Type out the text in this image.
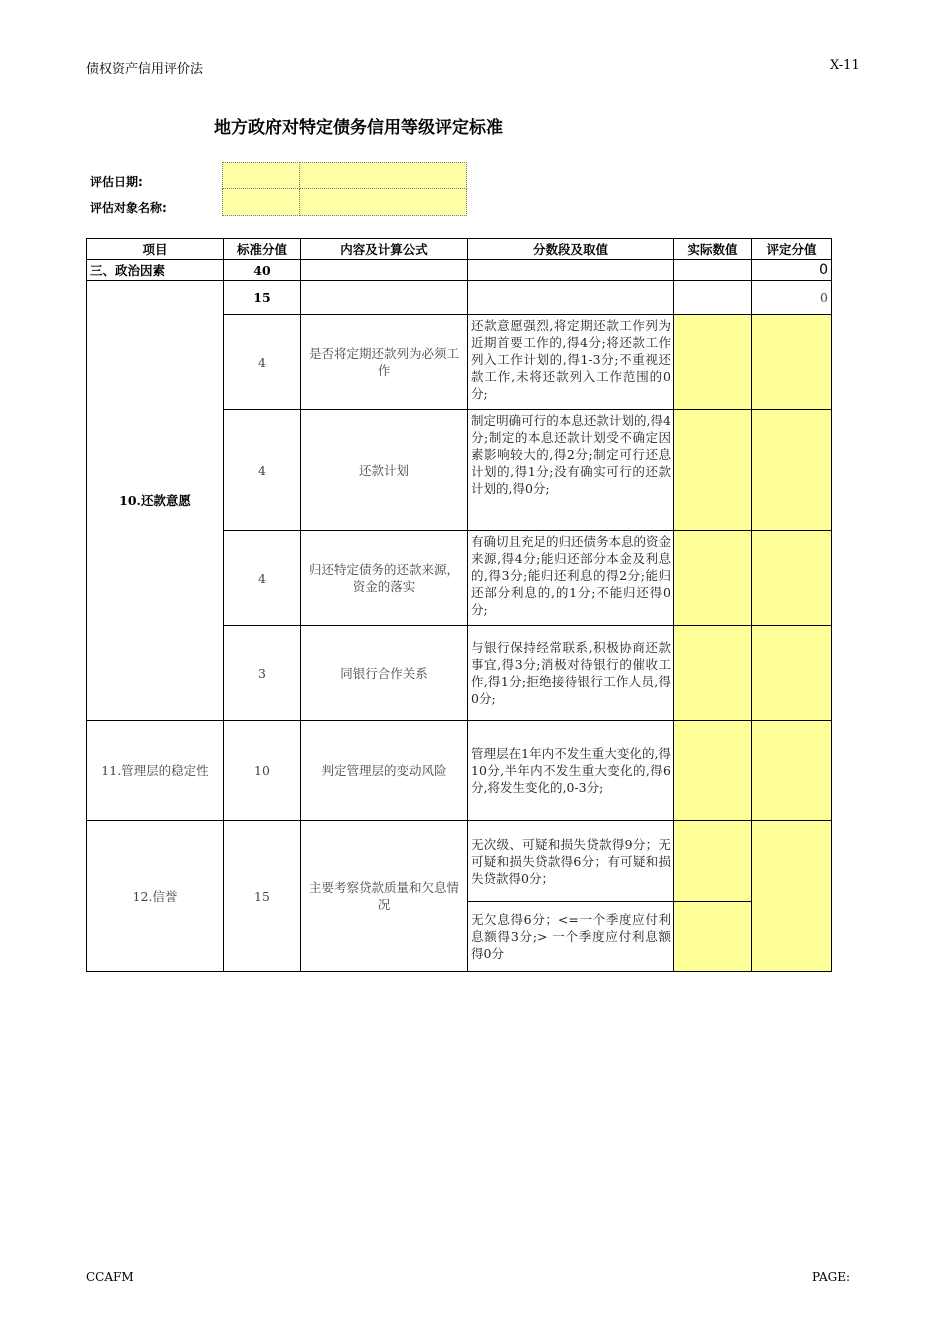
债权资产信用评价法	X-11
地方政府对特定债务信用等级评定标准
评估日期:
评估对象名称:
项目	标准分值	内容及计算公式	分数段及取值	实际数值	评定分值
三、政治因素	40				0
10.还款意愿	15				0
	4	是否将定期还款列为必须工作	还款意愿强烈,将定期还款工作列为近期首要工作的,得4分;将还款工作列入工作计划的,得1-3分;不重视还款工作,未将还款列入工作范围的0分;		
	4	还款计划	制定明确可行的本息还款计划的,得4分;制定的本息还款计划受不确定因素影响较大的,得2分;制定可行还息计划的,得1分;没有确实可行的还款计划的,得0分;		
	4	归还特定债务的还款来源，资金的落实	有确切且充足的归还债务本息的资金来源,得4分;能归还部分本金及利息的,得3分;能归还利息的得2分;能归还部分利息的,的1分;不能归还得0分;		
	3	同银行合作关系	与银行保持经常联系,积极协商还款事宜,得3分;消极对待银行的催收工作,得1分;拒绝接待银行工作人员,得0分;		
11.管理层的稳定性	10	判定管理层的变动风险	管理层在1年内不发生重大变化的,得10分,半年内不发生重大变化的,得6分,将发生变化的,0-3分;		
12.信誉	15	主要考察贷款质量和欠息情况	无次级、可疑和损失贷款得9分；无可疑和损失贷款得6分；有可疑和损失贷款得0分；		
			无欠息得6分；<=一个季度应付利息额得3分;> 一个季度应付利息额得0分		
CCAFM	PAGE:
